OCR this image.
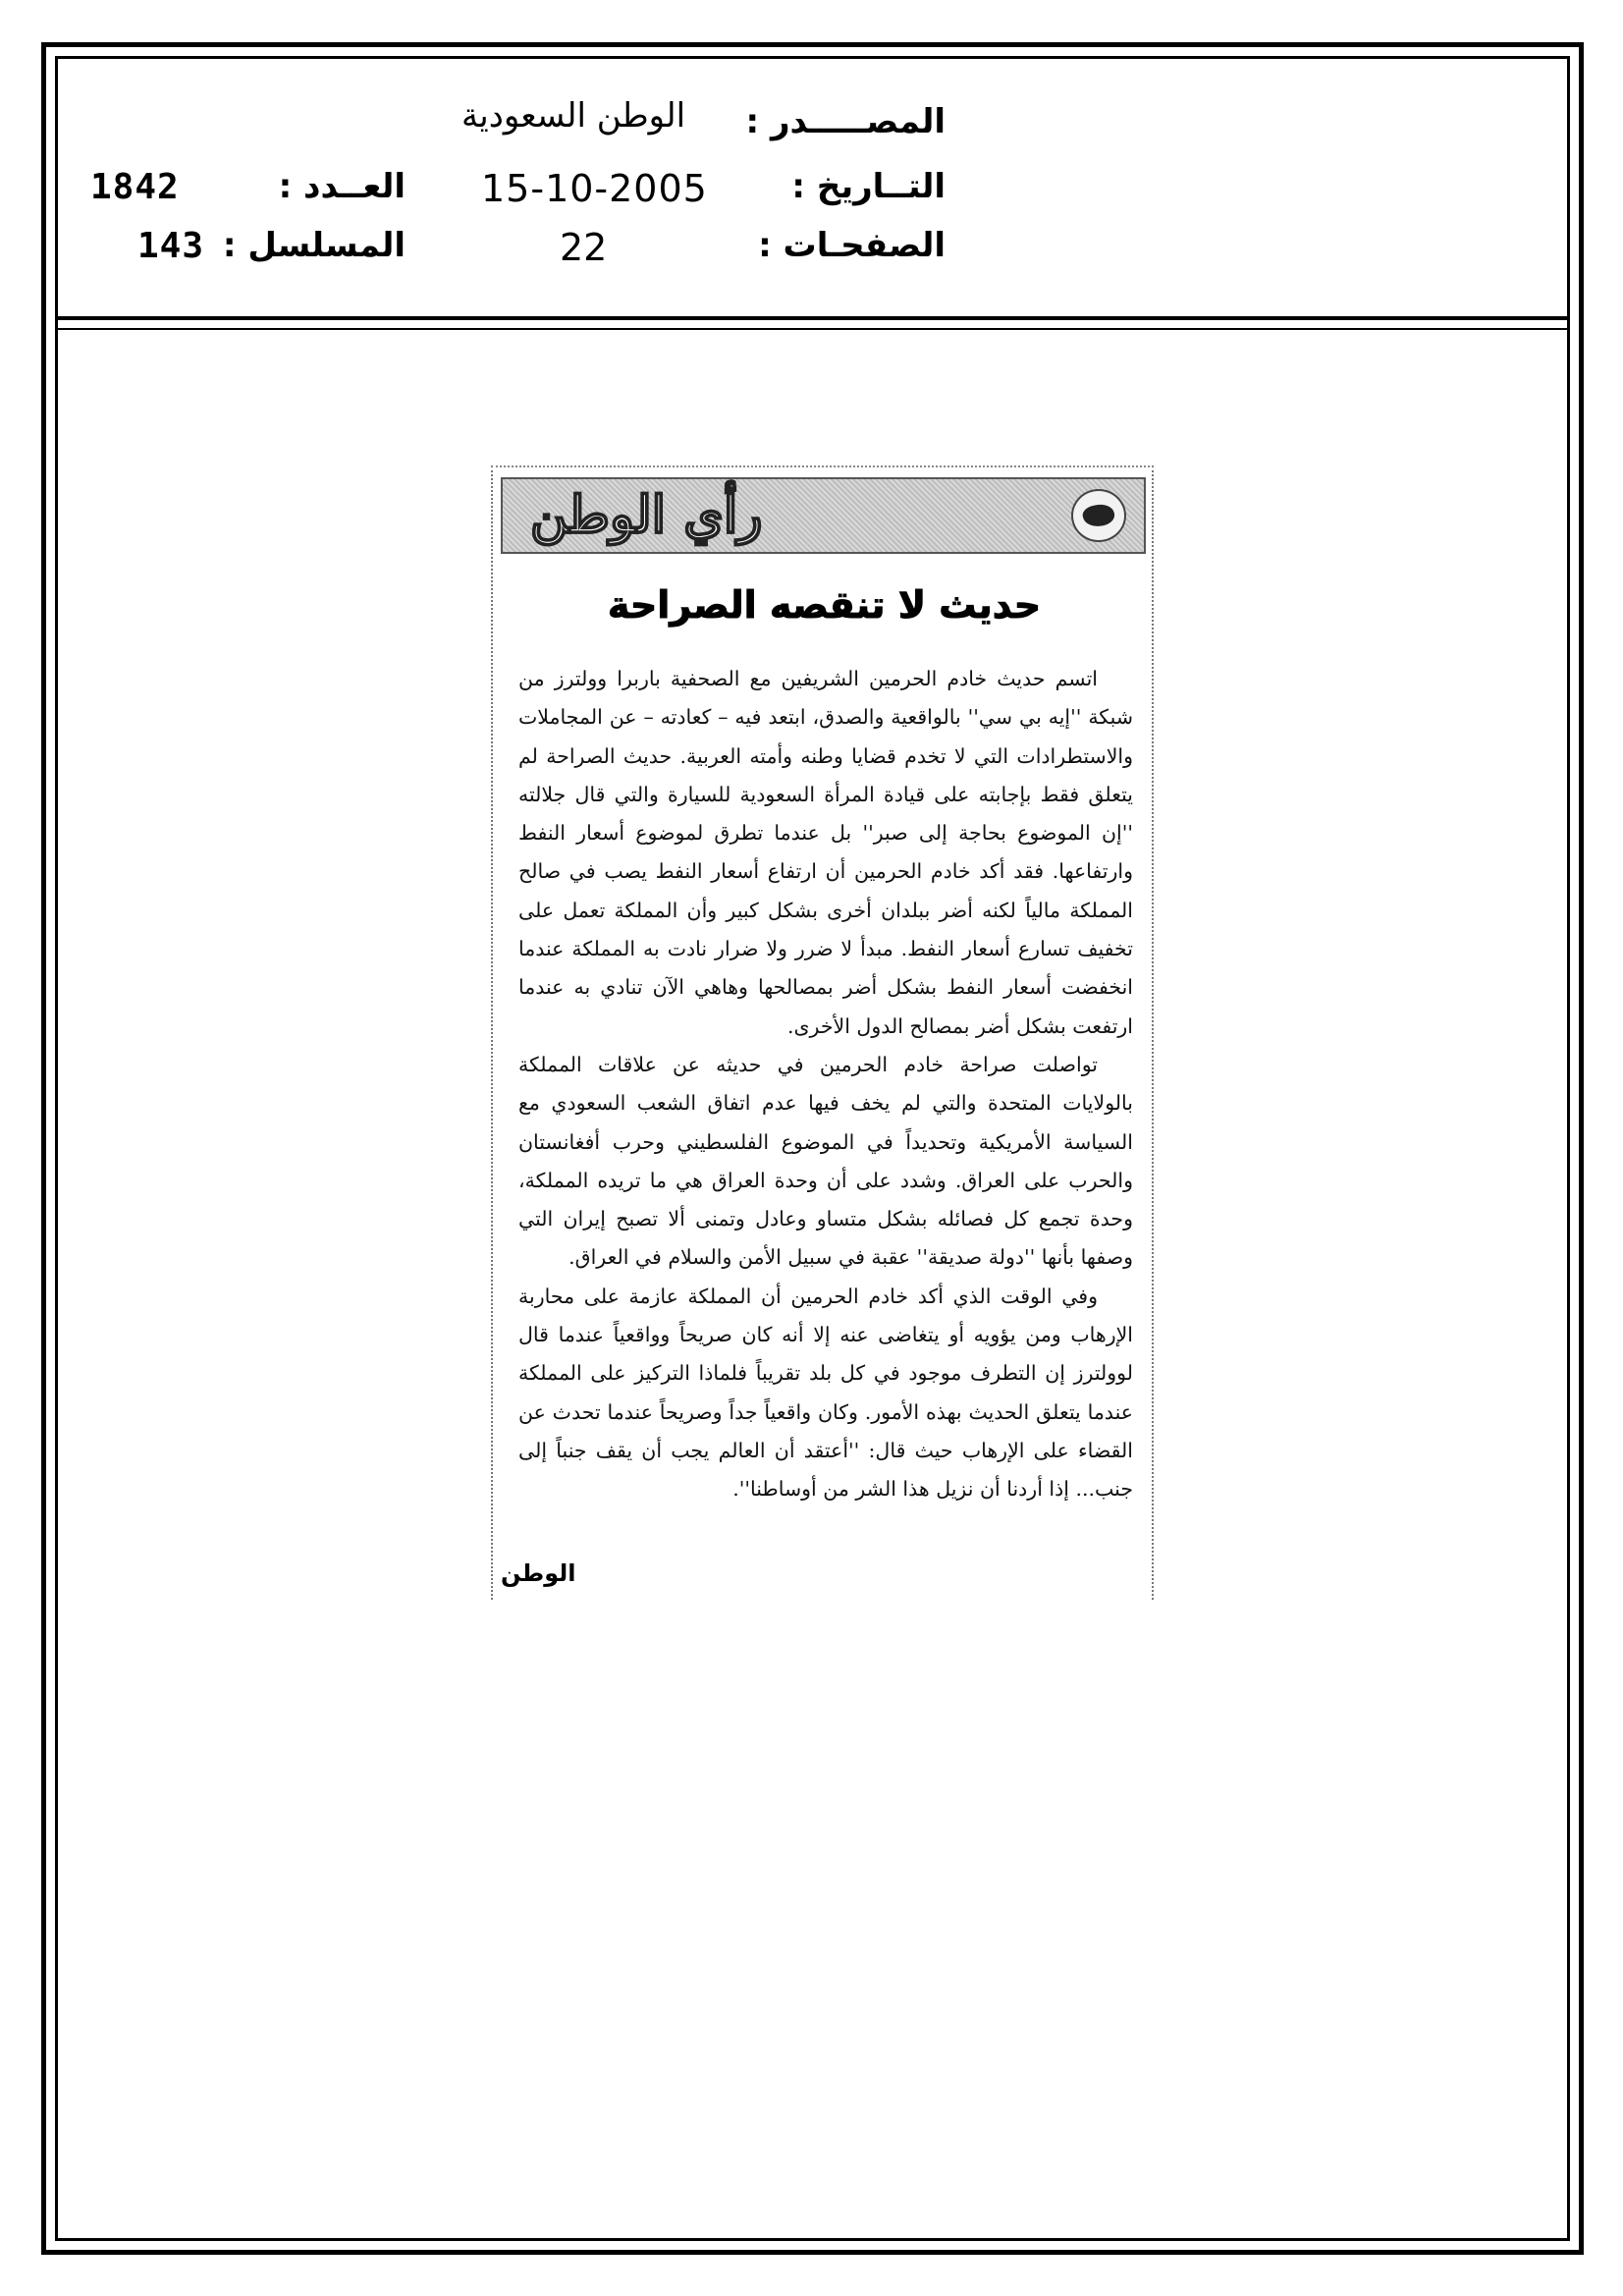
المصـــــدر :
الوطن السعودية
التــاريخ :
15-10-2005
العــدد :
1842
الصفحـات :
22
المسلسل :
143
رأي الوطن
حديث لا تنقصه الصراحة

اتسم حديث خادم الحرمين الشريفين مع الصحفية باربرا وولترز من شبكة ''إيه بي سي'' بالواقعية والصدق، ابتعد فيه – كعادته – عن المجاملات والاستطرادات التي لا تخدم قضايا وطنه وأمته العربية. حديث الصراحة لم يتعلق فقط بإجابته على قيادة المرأة السعودية للسيارة والتي قال جلالته ''إن الموضوع بحاجة إلى صبر'' بل عندما تطرق لموضوع أسعار النفط وارتفاعها. فقد أكد خادم الحرمين أن ارتفاع أسعار النفط يصب في صالح المملكة مالياً لكنه أضر ببلدان أخرى بشكل كبير وأن المملكة تعمل على تخفيف تسارع أسعار النفط. مبدأ لا ضرر ولا ضرار نادت به المملكة عندما انخفضت أسعار النفط بشكل أضر بمصالحها وهاهي الآن تنادي به عندما ارتفعت بشكل أضر بمصالح الدول الأخرى.

تواصلت صراحة خادم الحرمين في حديثه عن علاقات المملكة بالولايات المتحدة والتي لم يخف فيها عدم اتفاق الشعب السعودي مع السياسة الأمريكية وتحديداً في الموضوع الفلسطيني وحرب أفغانستان والحرب على العراق. وشدد على أن وحدة العراق هي ما تريده المملكة، وحدة تجمع كل فصائله بشكل متساو وعادل وتمنى ألا تصبح إيران التي وصفها بأنها ''دولة صديقة'' عقبة في سبيل الأمن والسلام في العراق.

وفي الوقت الذي أكد خادم الحرمين أن المملكة عازمة على محاربة الإرهاب ومن يؤويه أو يتغاضى عنه إلا أنه كان صريحاً وواقعياً عندما قال لوولترز إن التطرف موجود في كل بلد تقريباً فلماذا التركيز على المملكة عندما يتعلق الحديث بهذه الأمور. وكان واقعياً جداً وصريحاً عندما تحدث عن القضاء على الإرهاب حيث قال: ''أعتقد أن العالم يجب أن يقف جنباً إلى جنب... إذا أردنا أن نزيل هذا الشر من أوساطنا''.

الوطن
